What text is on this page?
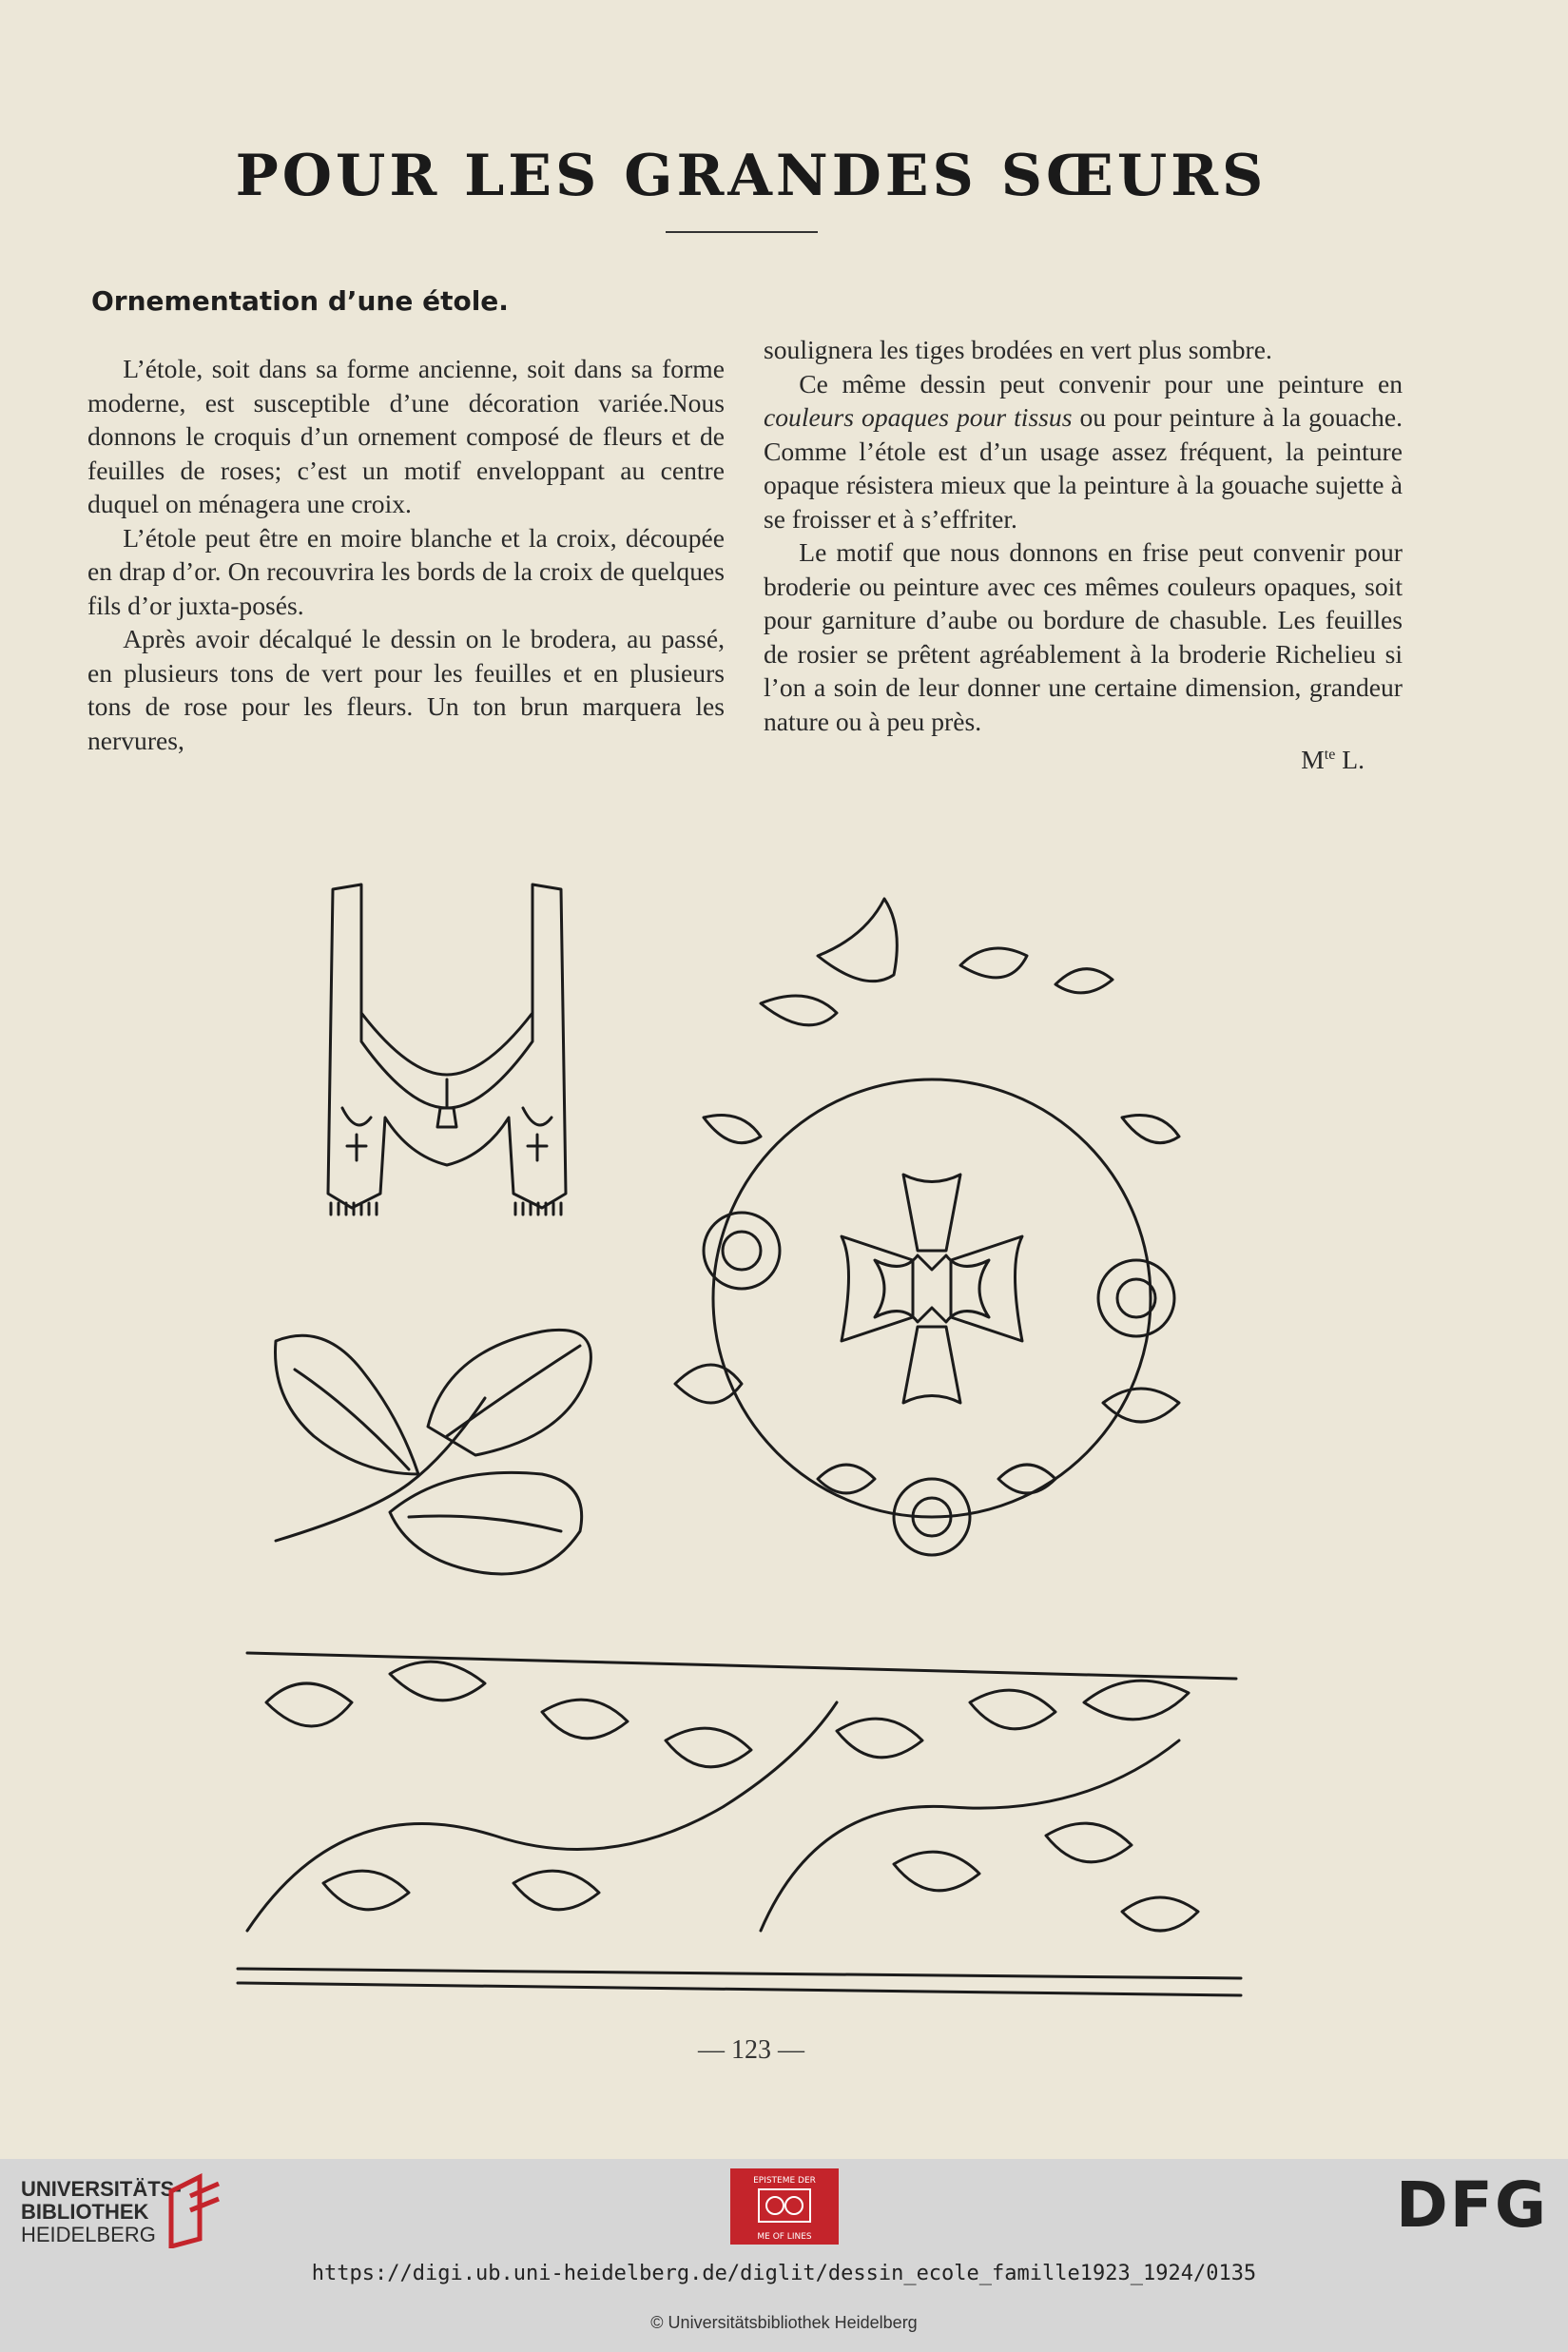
POUR LES GRANDES SŒURS
Ornementation d’une étole.

L’étole, soit dans sa forme ancienne, soit dans sa forme moderne, est susceptible d’une décoration variée.Nous donnons le croquis d’un ornement composé de fleurs et de feuilles de roses; c’est un motif enveloppant au centre duquel on ménagera une croix.

L’étole peut être en moire blanche et la croix, découpée en drap d’or. On recouvrira les bords de la croix de quelques fils d’or juxta-posés.

Après avoir décalqué le dessin on le brodera, au passé, en plusieurs tons de vert pour les feuilles et en plusieurs tons de rose pour les fleurs. Un ton brun marquera les nervures,

soulignera les tiges brodées en vert plus sombre.

Ce même dessin peut convenir pour une peinture en couleurs opaques pour tissus ou pour peinture à la gouache. Comme l’étole est d’un usage assez fréquent, la peinture opaque résistera mieux que la peinture à la gouache sujette à se froisser et à s’effriter.

Le motif que nous donnons en frise peut convenir pour broderie ou peinture avec ces mêmes couleurs opaques, soit pour garniture d’aube ou bordure de chasuble. Les feuilles de rosier se prêtent agréablement à la broderie Richelieu si l’on a soin de leur donner une certaine dimension, grandeur nature ou à peu près.

$M^{te}$ L.
— 123 —
UNIVERSITÄTS-
BIBLIOTHEK
HEIDELBERG
EPISTEME DER
ME OF LINES	DFG
https://digi.ub.uni-heidelberg.de/diglit/dessin_ecole_famille1923_1924/0135
© Universitätsbibliothek Heidelberg
